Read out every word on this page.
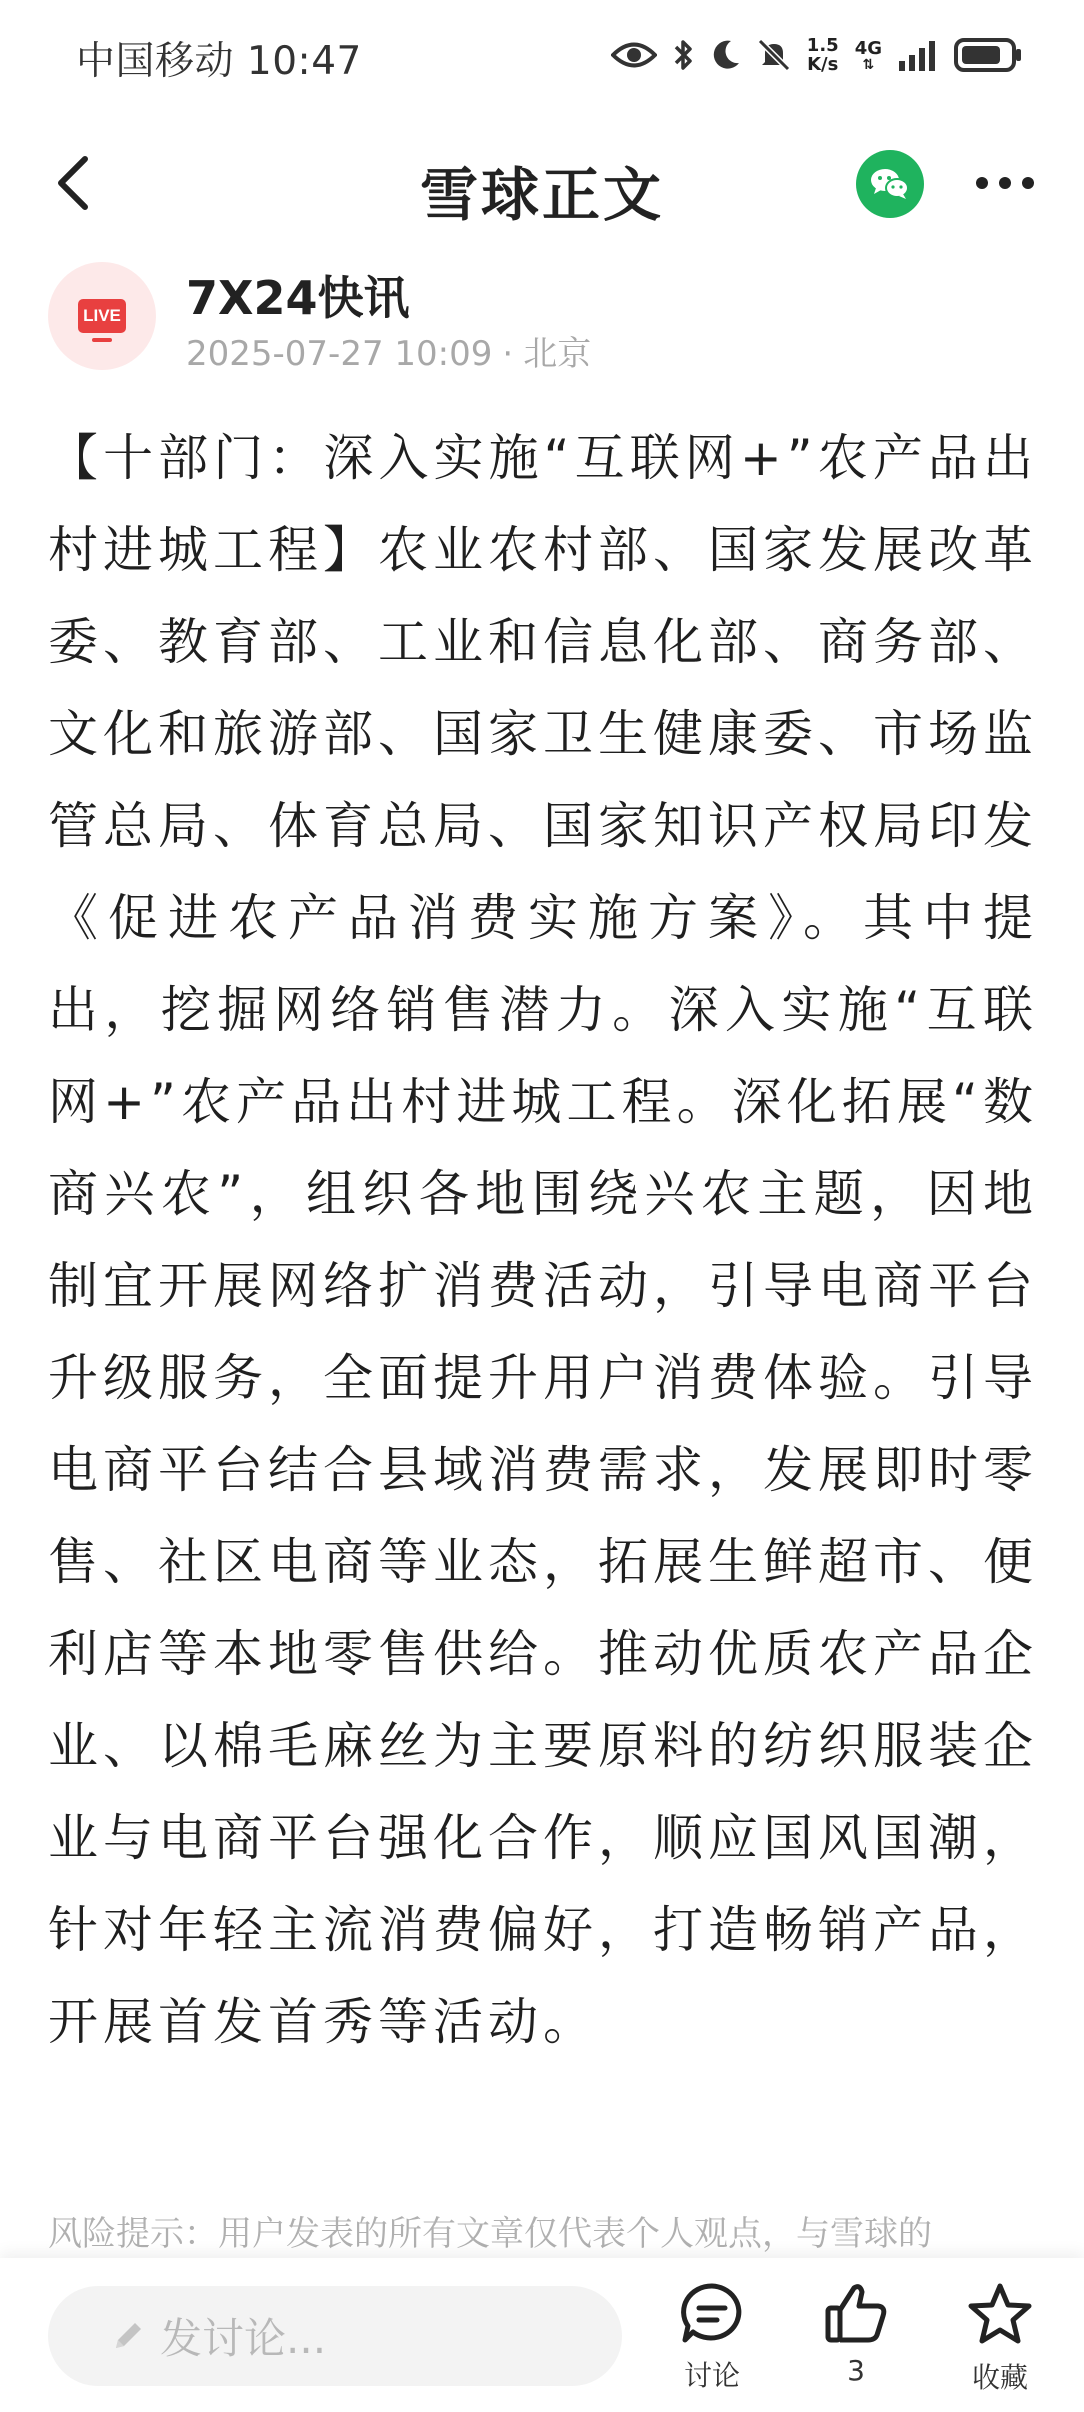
中国移动 10:47	1.5
K/s
4G
⇅
雪球正文
LIVE 7X24快讯
2025-07-27 10:09 · 北京
【十部门：深入实施“互联网+”农产品出村进城工程】农业农村部、国家发展改革委、教育部、工业和信息化部、商务部、文化和旅游部、国家卫生健康委、市场监管总局、体育总局、国家知识产权局印发《促进农产品消费实施方案》。其中提出，挖掘网络销售潜力。深入实施“互联网+”农产品出村进城工程。深化拓展“数商兴农”，组织各地围绕兴农主题，因地制宜开展网络扩消费活动，引导电商平台升级服务，全面提升用户消费体验。引导电商平台结合县域消费需求，发展即时零售、社区电商等业态，拓展生鲜超市、便利店等本地零售供给。推动优质农产品企业、以棉毛麻丝为主要原料的纺织服装企业与电商平台强化合作，顺应国风国潮，针对年轻主流消费偏好，打造畅销产品，开展首发首秀等活动。
风险提示：用户发表的所有文章仅代表个人观点，与雪球的
发讨论...
讨论	3	收藏
